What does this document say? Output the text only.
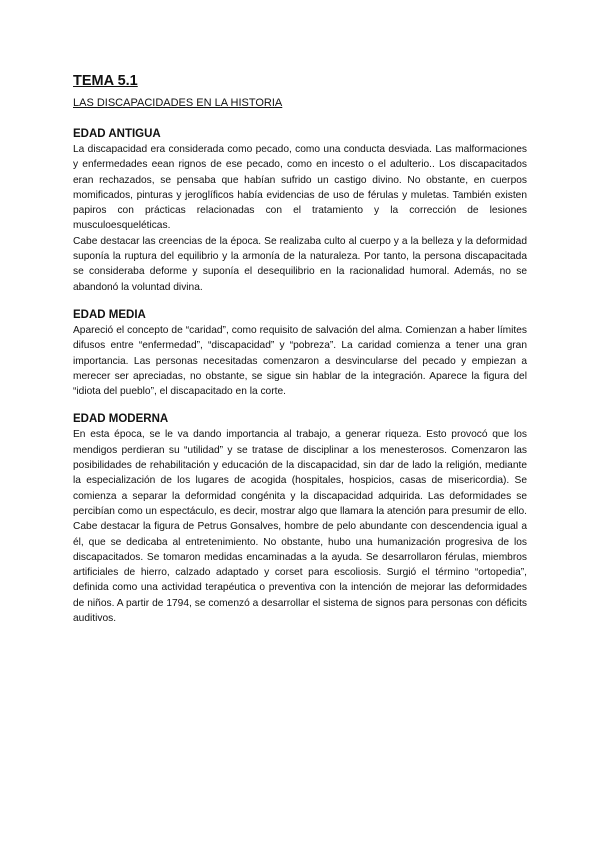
TEMA 5.1

LAS DISCAPACIDADES EN LA HISTORIA

EDAD ANTIGUA

La discapacidad era considerada como pecado, como una conducta desviada. Las malformaciones y enfermedades eean rignos de ese pecado, como en incesto o el adulterio.. Los discapacitados eran rechazados, se pensaba que habían sufrido un castigo divino. No obstante, en cuerpos momificados, pinturas y jeroglíficos había evidencias de uso de férulas y muletas. También existen papiros con prácticas relacionadas con el tratamiento y la corrección de lesiones musculoesqueléticas.

Cabe destacar las creencias de la época. Se realizaba culto al cuerpo y a la belleza y la deformidad suponía la ruptura del equilibrio y la armonía de la naturaleza. Por tanto, la persona discapacitada se consideraba deforme y suponía el desequilibrio en la racionalidad humoral. Además, no se abandonó la voluntad divina.

EDAD MEDIA

Apareció el concepto de “caridad”, como requisito de salvación del alma. Comienzan a haber límites difusos entre “enfermedad”, “discapacidad” y “pobreza”. La caridad comienza a tener una gran importancia. Las personas necesitadas comenzaron a desvincularse del pecado y empiezan a merecer ser apreciadas, no obstante, se sigue sin hablar de la integración. Aparece la figura del “idiota del pueblo”, el discapacitado en la corte.

EDAD MODERNA

En esta época, se le va dando importancia al trabajo, a generar riqueza. Esto provocó que los mendigos perdieran su “utilidad” y se tratase de disciplinar a los menesterosos. Comenzaron las posibilidades de rehabilitación y educación de la discapacidad, sin dar de lado la religión, mediante la especialización de los lugares de acogida (hospitales, hospicios, casas de misericordia). Se comienza a separar la deformidad congénita y la discapacidad adquirida. Las deformidades se percibían como un espectáculo, es decir, mostrar algo que llamara la atención para presumir de ello. Cabe destacar la figura de Petrus Gonsalves, hombre de pelo abundante con descendencia igual a él, que se dedicaba al entretenimiento. No obstante, hubo una humanización progresiva de los discapacitados. Se tomaron medidas encaminadas a la ayuda. Se desarrollaron férulas, miembros artificiales de hierro, calzado adaptado y corset para escoliosis. Surgió el término “ortopedia”, definida como una actividad terapéutica o preventiva con la intención de mejorar las deformidades de niños. A partir de 1794, se comenzó a desarrollar el sistema de signos para personas con déficits auditivos.
